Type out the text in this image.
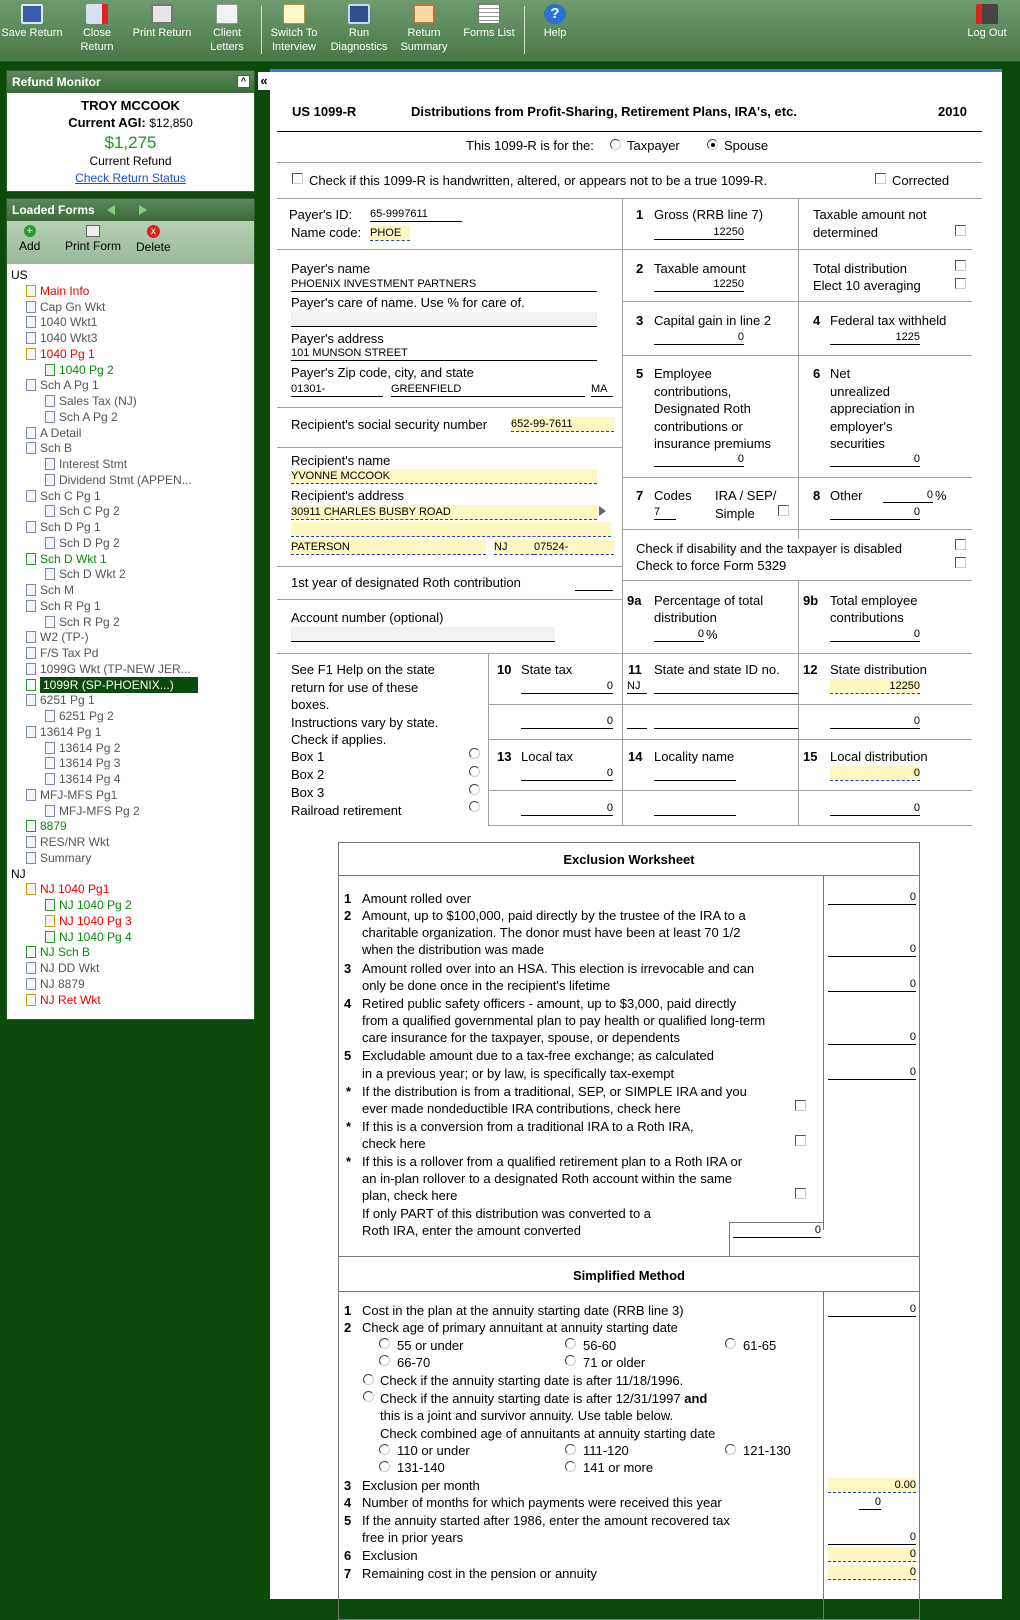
Save Return	Close Return
Print Return	Client Letters
Switch To Interview
Run Diagnostics
Return Summary
Forms List
?
Help	Log Out
Refund Monitor	^
TROY MCCOOK
Current AGI: $12,850
$1,275
Current Refund
Check Return Status
Loaded Forms
+
Add Print Form
x
Delete
US
Main Info
Cap Gn Wkt
1040 Wkt1
1040 Wkt3
1040 Pg 1
1040 Pg 2
Sch A Pg 1
Sales Tax (NJ)
Sch A Pg 2
A Detail
Sch B
Interest Stmt
Dividend Stmt (APPEN...
Sch C Pg 1
Sch C Pg 2
Sch D Pg 1
Sch D Pg 2
Sch D Wkt 1
Sch D Wkt 2
Sch M
Sch R Pg 1
Sch R Pg 2
W2 (TP-)
F/S Tax Pd
1099G Wkt (TP-NEW JER...
1099R (SP-PHOENIX...)
6251 Pg 1
6251 Pg 2
13614 Pg 1
13614 Pg 2
13614 Pg 3
13614 Pg 4
MFJ-MFS Pg1
MFJ-MFS Pg 2
8879
RES/NR Wkt
Summary
NJ
NJ 1040 Pg1
NJ 1040 Pg 2
NJ 1040 Pg 3
NJ 1040 Pg 4
NJ Sch B
NJ DD Wkt
NJ 8879
NJ Ret Wkt
«
US 1099-R	Distributions from Profit-Sharing, Retirement Plans, IRA's, etc.	2010
This 1099-R is for the:	Taxpayer	Spouse
Check if this 1099-R is handwritten, altered, or appears not to be a true 1099-R.	Corrected
Payer's ID: 65-9997611
Name code: PHOE
Payer's name
PHOENIX INVESTMENT PARTNERS
Payer's care of name. Use % for care of.
Payer's address
101 MUNSON STREET
Payer's Zip code, city, and state
01301-	GREENFIELD	MA
Recipient's social security number 652-99-7611
Recipient's name
YVONNE MCCOOK
Recipient's address
30911 CHARLES BUSBY ROAD
PATERSON	NJ	07524-
1st year of designated Roth contribution
Account number (optional)
1 Gross (RRB line 7)
12250
Taxable amount not
determined
2 Taxable amount
12250
Total distribution
Elect 10 averaging
3 Capital gain in line 2
0
4 Federal tax withheld
1225
5 Employee
contributions,
Designated Roth
contributions or
insurance premiums
0
6 Net
unrealized
appreciation in
employer's
securities
0
7 Codes
7
IRA / SEP/
Simple
8 Other	0 %
0
Check if disability and the taxpayer is disabled
Check to force Form 5329
9a Percentage of total
distribution
0 %
9b Total employee
contributions
0
See F1 Help on the state
return for use of these
boxes.
Instructions vary by state.
Check if applies.
Box 1
Box 2
Box 3
Railroad retirement
10 State tax
0
0
11 State and state ID no.
NJ
12 State distribution
12250
0
13 Local tax
0
0
14 Locality name	15 Local distribution
0
0
Exclusion Worksheet
1 Amount rolled over	0
2 Amount, up to $100,000, paid directly by the trustee of the IRA to a
charitable organization. The donor must have been at least 70 1/2
when the distribution was made	0
3 Amount rolled over into an HSA. This election is irrevocable and can
only be done once in the recipient's lifetime	0
4 Retired public safety officers - amount, up to $3,000, paid directly
from a qualified governmental plan to pay health or qualified long-term
care insurance for the taxpayer, spouse, or dependents	0
5 Excludable amount due to a tax-free exchange; as calculated
in a previous year; or by law, is specifically tax-exempt	0
* If the distribution is from a traditional, SEP, or SIMPLE IRA and you
ever made nondeductible IRA contributions, check here
* If this is a conversion from a traditional IRA to a Roth IRA,
check here
* If this is a rollover from a qualified retirement plan to a Roth IRA or
an in-plan rollover to a designated Roth account within the same
plan, check here
If only PART of this distribution was converted to a
Roth IRA, enter the amount converted	0
Simplified Method
1 Cost in the plan at the annuity starting date (RRB line 3)	0
2 Check age of primary annuitant at annuity starting date
55 or under	56-60	61-65
66-70	71 or older
Check if the annuity starting date is after 11/18/1996.
Check if the annuity starting date is after 12/31/1997 and
this is a joint and survivor annuity. Use table below.
Check combined age of annuitants at annuity starting date
110 or under	111-120	121-130
131-140	141 or more
3 Exclusion per month	0.00
4 Number of months for which payments were received this year	0
5 If the annuity started after 1986, enter the amount recovered tax
free in prior years	0
6 Exclusion	0
7 Remaining cost in the pension or annuity	0
